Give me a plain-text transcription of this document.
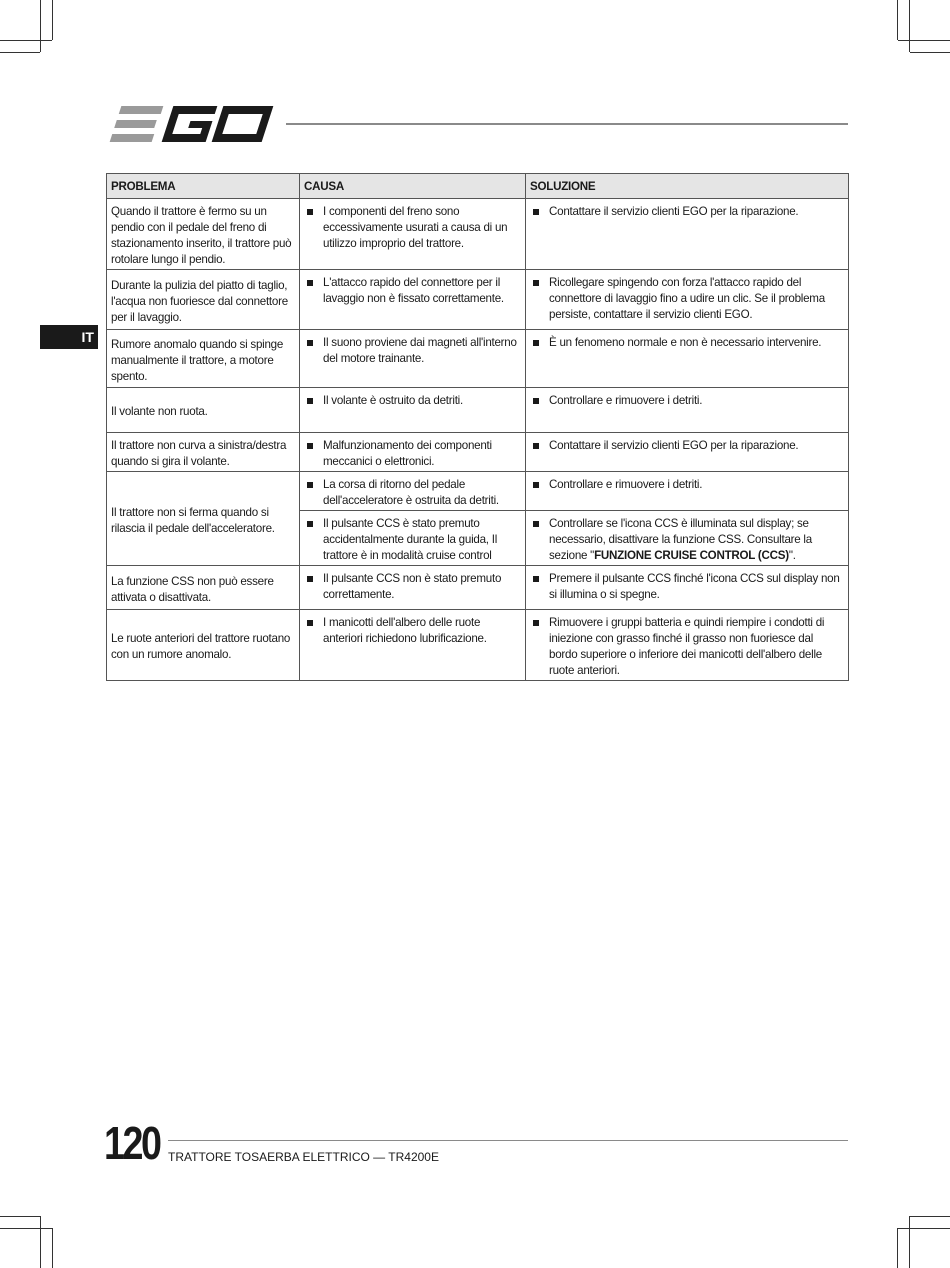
IT
PROBLEMA	CAUSA	SOLUZIONE
Quando il trattore è fermo su un pendio con il pedale del freno di stazionamento inserito, il trattore può rotolare lungo il pendio.	I componenti del freno sono eccessivamente usurati a causa di un utilizzo improprio del trattore.	Contattare il servizio clienti EGO per la riparazione.

Durante la pulizia del piatto di taglio, l'acqua non fuoriesce dal connettore per il lavaggio.	L'attacco rapido del connettore per il lavaggio non è fissato correttamente.	Ricollegare spingendo con forza l'attacco rapido del connettore di lavaggio fino a udire un clic. Se il problema persiste, contattare il servizio clienti EGO.

Rumore anomalo quando si spinge manualmente il trattore, a motore spento.	Il suono proviene dai magneti all'interno del motore trainante.	È un fenomeno normale e non è necessario intervenire.

Il volante non ruota.	Il volante è ostruito da detriti.	Controllare e rimuovere i detriti.

Il trattore non curva a sinistra/destra quando si gira il volante.	Malfunzionamento dei componenti meccanici o elettronici.	Contattare il servizio clienti EGO per la riparazione.

Il trattore non si ferma quando si rilascia il pedale dell'acceleratore.	La corsa di ritorno del pedale dell'acceleratore è ostruita da detriti.	Controllare e rimuovere i detriti.

	Il pulsante CCS è stato premuto accidentalmente durante la guida, Il trattore è in modalità cruise control	Controllare se l'icona CCS è illuminata sul display; se necessario, disattivare la funzione CSS. Consultare la sezione "FUNZIONE CRUISE CONTROL (CCS)".

La funzione CSS non può essere attivata o disattivata.	Il pulsante CCS non è stato premuto correttamente.	Premere il pulsante CCS finché l'icona CCS sul display non si illumina o si spegne.

Le ruote anteriori del trattore ruotano con un rumore anomalo.	I manicotti dell'albero delle ruote anteriori richiedono lubrificazione.	Rimuovere i gruppi batteria e quindi riempire i condotti di iniezione con grasso finché il grasso non fuoriesce dal bordo superiore o inferiore dei manicotti dell'albero delle ruote anteriori.
120 TRATTORE TOSAERBA ELETTRICO — TR4200E
